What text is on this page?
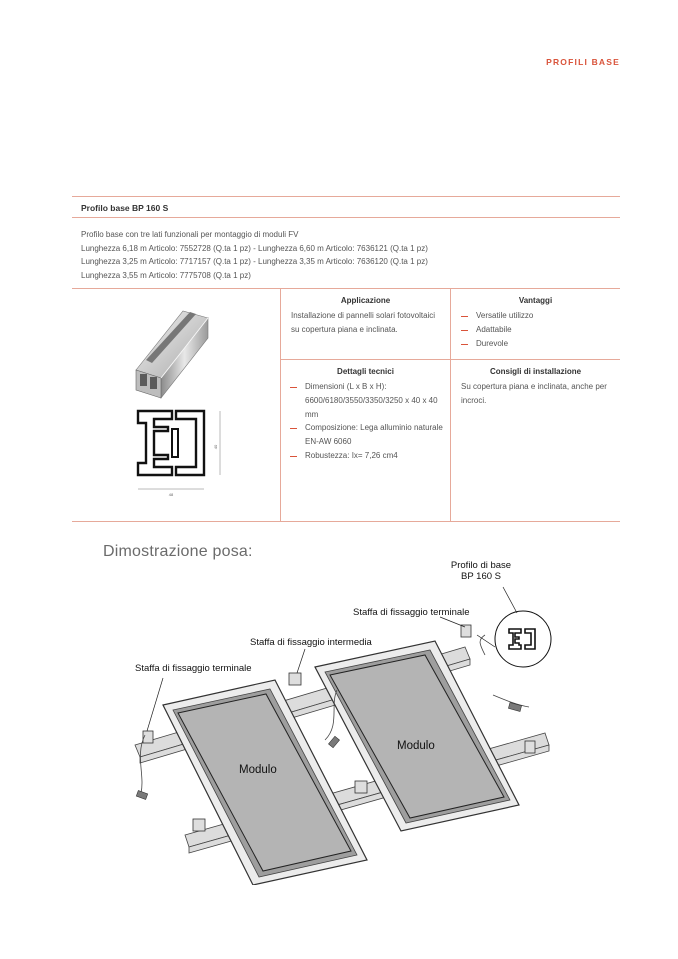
PROFILI BASE
Profilo base BP 160 S
Profilo base con tre lati funzionali per montaggio di moduli FV
Lunghezza 6,18 m Articolo: 7552728 (Q.ta 1 pz) - Lunghezza 6,60 m Articolo: 7636121 (Q.ta 1 pz)
Lunghezza 3,25 m Articolo: 7717157 (Q.ta 1 pz) - Lunghezza 3,35 m Articolo: 7636120 (Q.ta 1 pz)
Lunghezza 3,55 m Articolo: 7775708 (Q.ta 1 pz)
40
48
Applicazione
Installazione di pannelli solari fotovoltaici su copertura piana e inclinata.
Vantaggi
Versatile utilizzo
Adattabile
Durevole
Dettagli tecnici
Dimensioni (L x B x H): 6600/6180/3550/3350/3250 x 40 x 40 mm
Composizione: Lega alluminio naturale EN-AW 6060
Robustezza: Ix= 7,26 cm4
Consigli di installazione
Su copertura piana e inclinata, anche per incroci.
Dimostrazione posa:
Profilo di base
BP 160 S
Staffa di fissaggio terminale
Staffa di fissaggio intermedia
Staffa di fissaggio terminale
Modulo
Modulo
